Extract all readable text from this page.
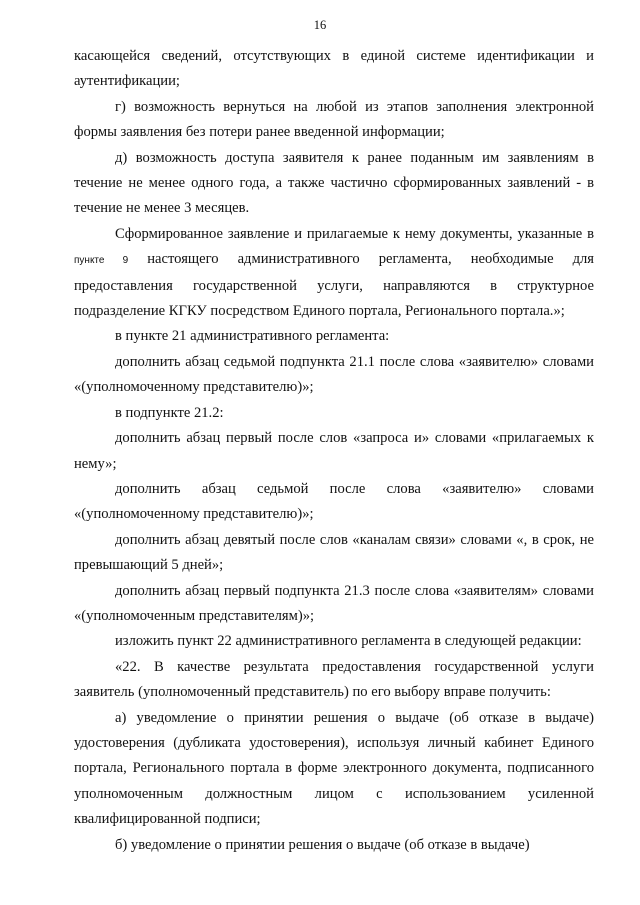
16

касающейся сведений, отсутствующих в единой системе идентификации и аутентификации;

г) возможность вернуться на любой из этапов заполнения электронной формы заявления без потери ранее введенной информации;

д) возможность доступа заявителя к ранее поданным им заявлениям в течение не менее одного года, а также частично сформированных заявлений - в течение не менее 3 месяцев.

Сформированное заявление и прилагаемые к нему документы, указанные в пункте 9 настоящего административного регламента, необходимые для предоставления государственной услуги, направляются в структурное подразделение КГКУ посредством Единого портала, Регионального портала.»;

в пункте 21 административного регламента:

дополнить абзац седьмой подпункта 21.1 после слова «заявителю» словами «(уполномоченному представителю)»;

в подпункте 21.2:

дополнить абзац первый после слов «запроса и» словами «прилагаемых к нему»;

дополнить абзац седьмой после слова «заявителю» словами «(уполномоченному представителю)»;

дополнить абзац девятый после слов «каналам связи» словами «, в срок, не превышающий 5 дней»;

дополнить абзац первый подпункта 21.3 после слова «заявителям» словами «(уполномоченным представителям)»;

изложить пункт 22 административного регламента в следующей редакции:

«22. В качестве результата предоставления государственной услуги заявитель (уполномоченный представитель) по его выбору вправе получить:

а) уведомление о принятии решения о выдаче (об отказе в выдаче) удостоверения (дубликата удостоверения), используя личный кабинет Единого портала, Регионального портала в форме электронного документа, подписанного уполномоченным должностным лицом с использованием усиленной квалифицированной подписи;

б) уведомление о принятии решения о выдаче (об отказе в выдаче)
